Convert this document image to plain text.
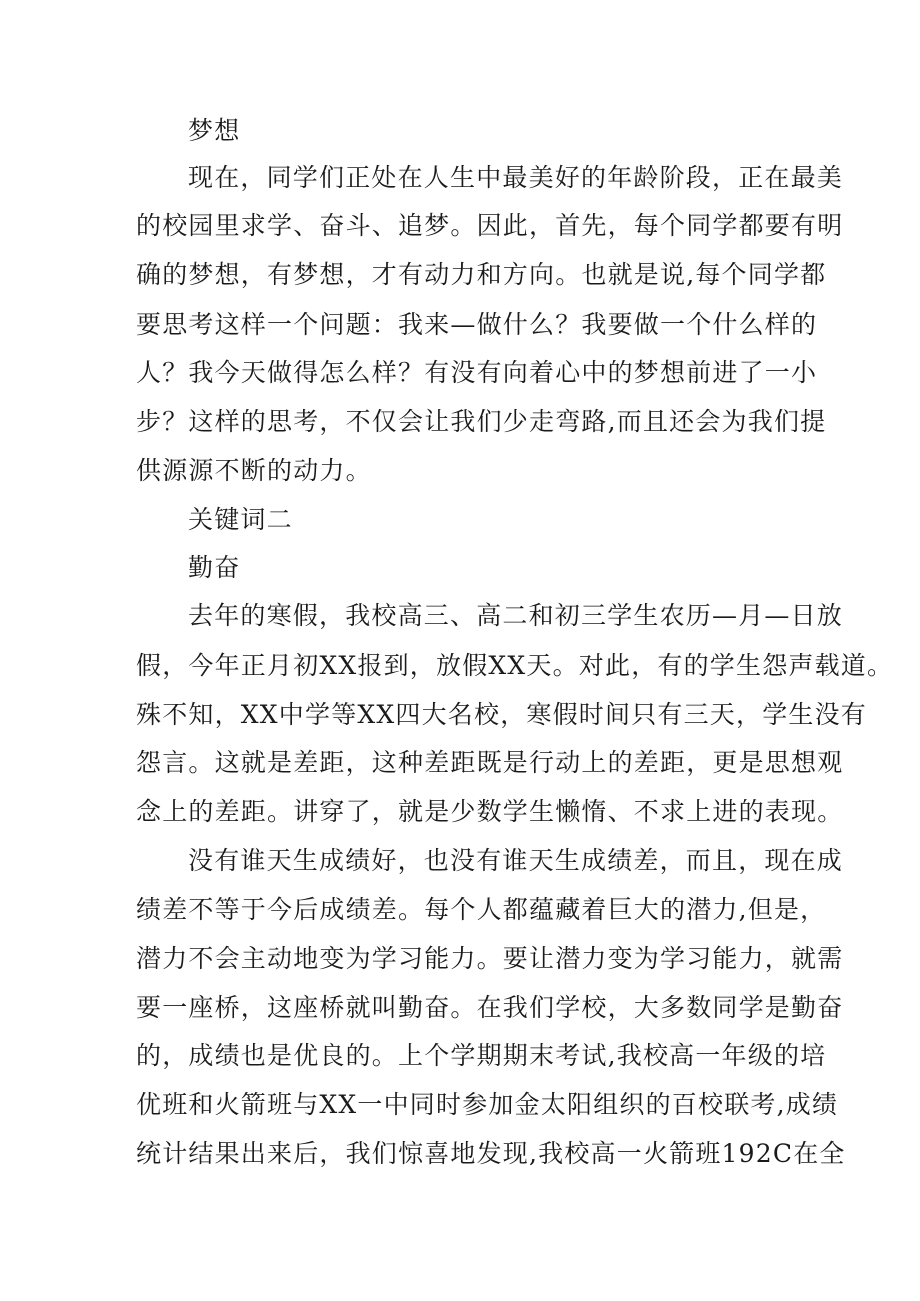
梦想
现在，同学们正处在人生中最美好的年龄阶段，正在最美
的校园里求学、奋斗、追梦。因此，首先，每个同学都要有明
确的梦想，有梦想，才有动力和方向。也就是说,每个同学都
要思考这样一个问题：我来—做什么？我要做一个什么样的
人？我今天做得怎么样？有没有向着心中的梦想前进了一小
步？这样的思考，不仅会让我们少走弯路,而且还会为我们提
供源源不断的动力。
关键词二
勤奋
去年的寒假，我校高三、高二和初三学生农历—月—日放
假，今年正月初XX报到，放假XX天。对此，有的学生怨声载道。
殊不知，XX中学等XX四大名校，寒假时间只有三天，学生没有
怨言。这就是差距，这种差距既是行动上的差距，更是思想观
念上的差距。讲穿了，就是少数学生懒惰、不求上进的表现。
没有谁天生成绩好，也没有谁天生成绩差，而且，现在成
绩差不等于今后成绩差。每个人都蕴藏着巨大的潜力,但是，
潜力不会主动地变为学习能力。要让潜力变为学习能力，就需
要一座桥，这座桥就叫勤奋。在我们学校，大多数同学是勤奋
的，成绩也是优良的。上个学期期末考试,我校高一年级的培
优班和火箭班与XX一中同时参加金太阳组织的百校联考,成绩
统计结果出来后，我们惊喜地发现,我校高一火箭班192C在全
